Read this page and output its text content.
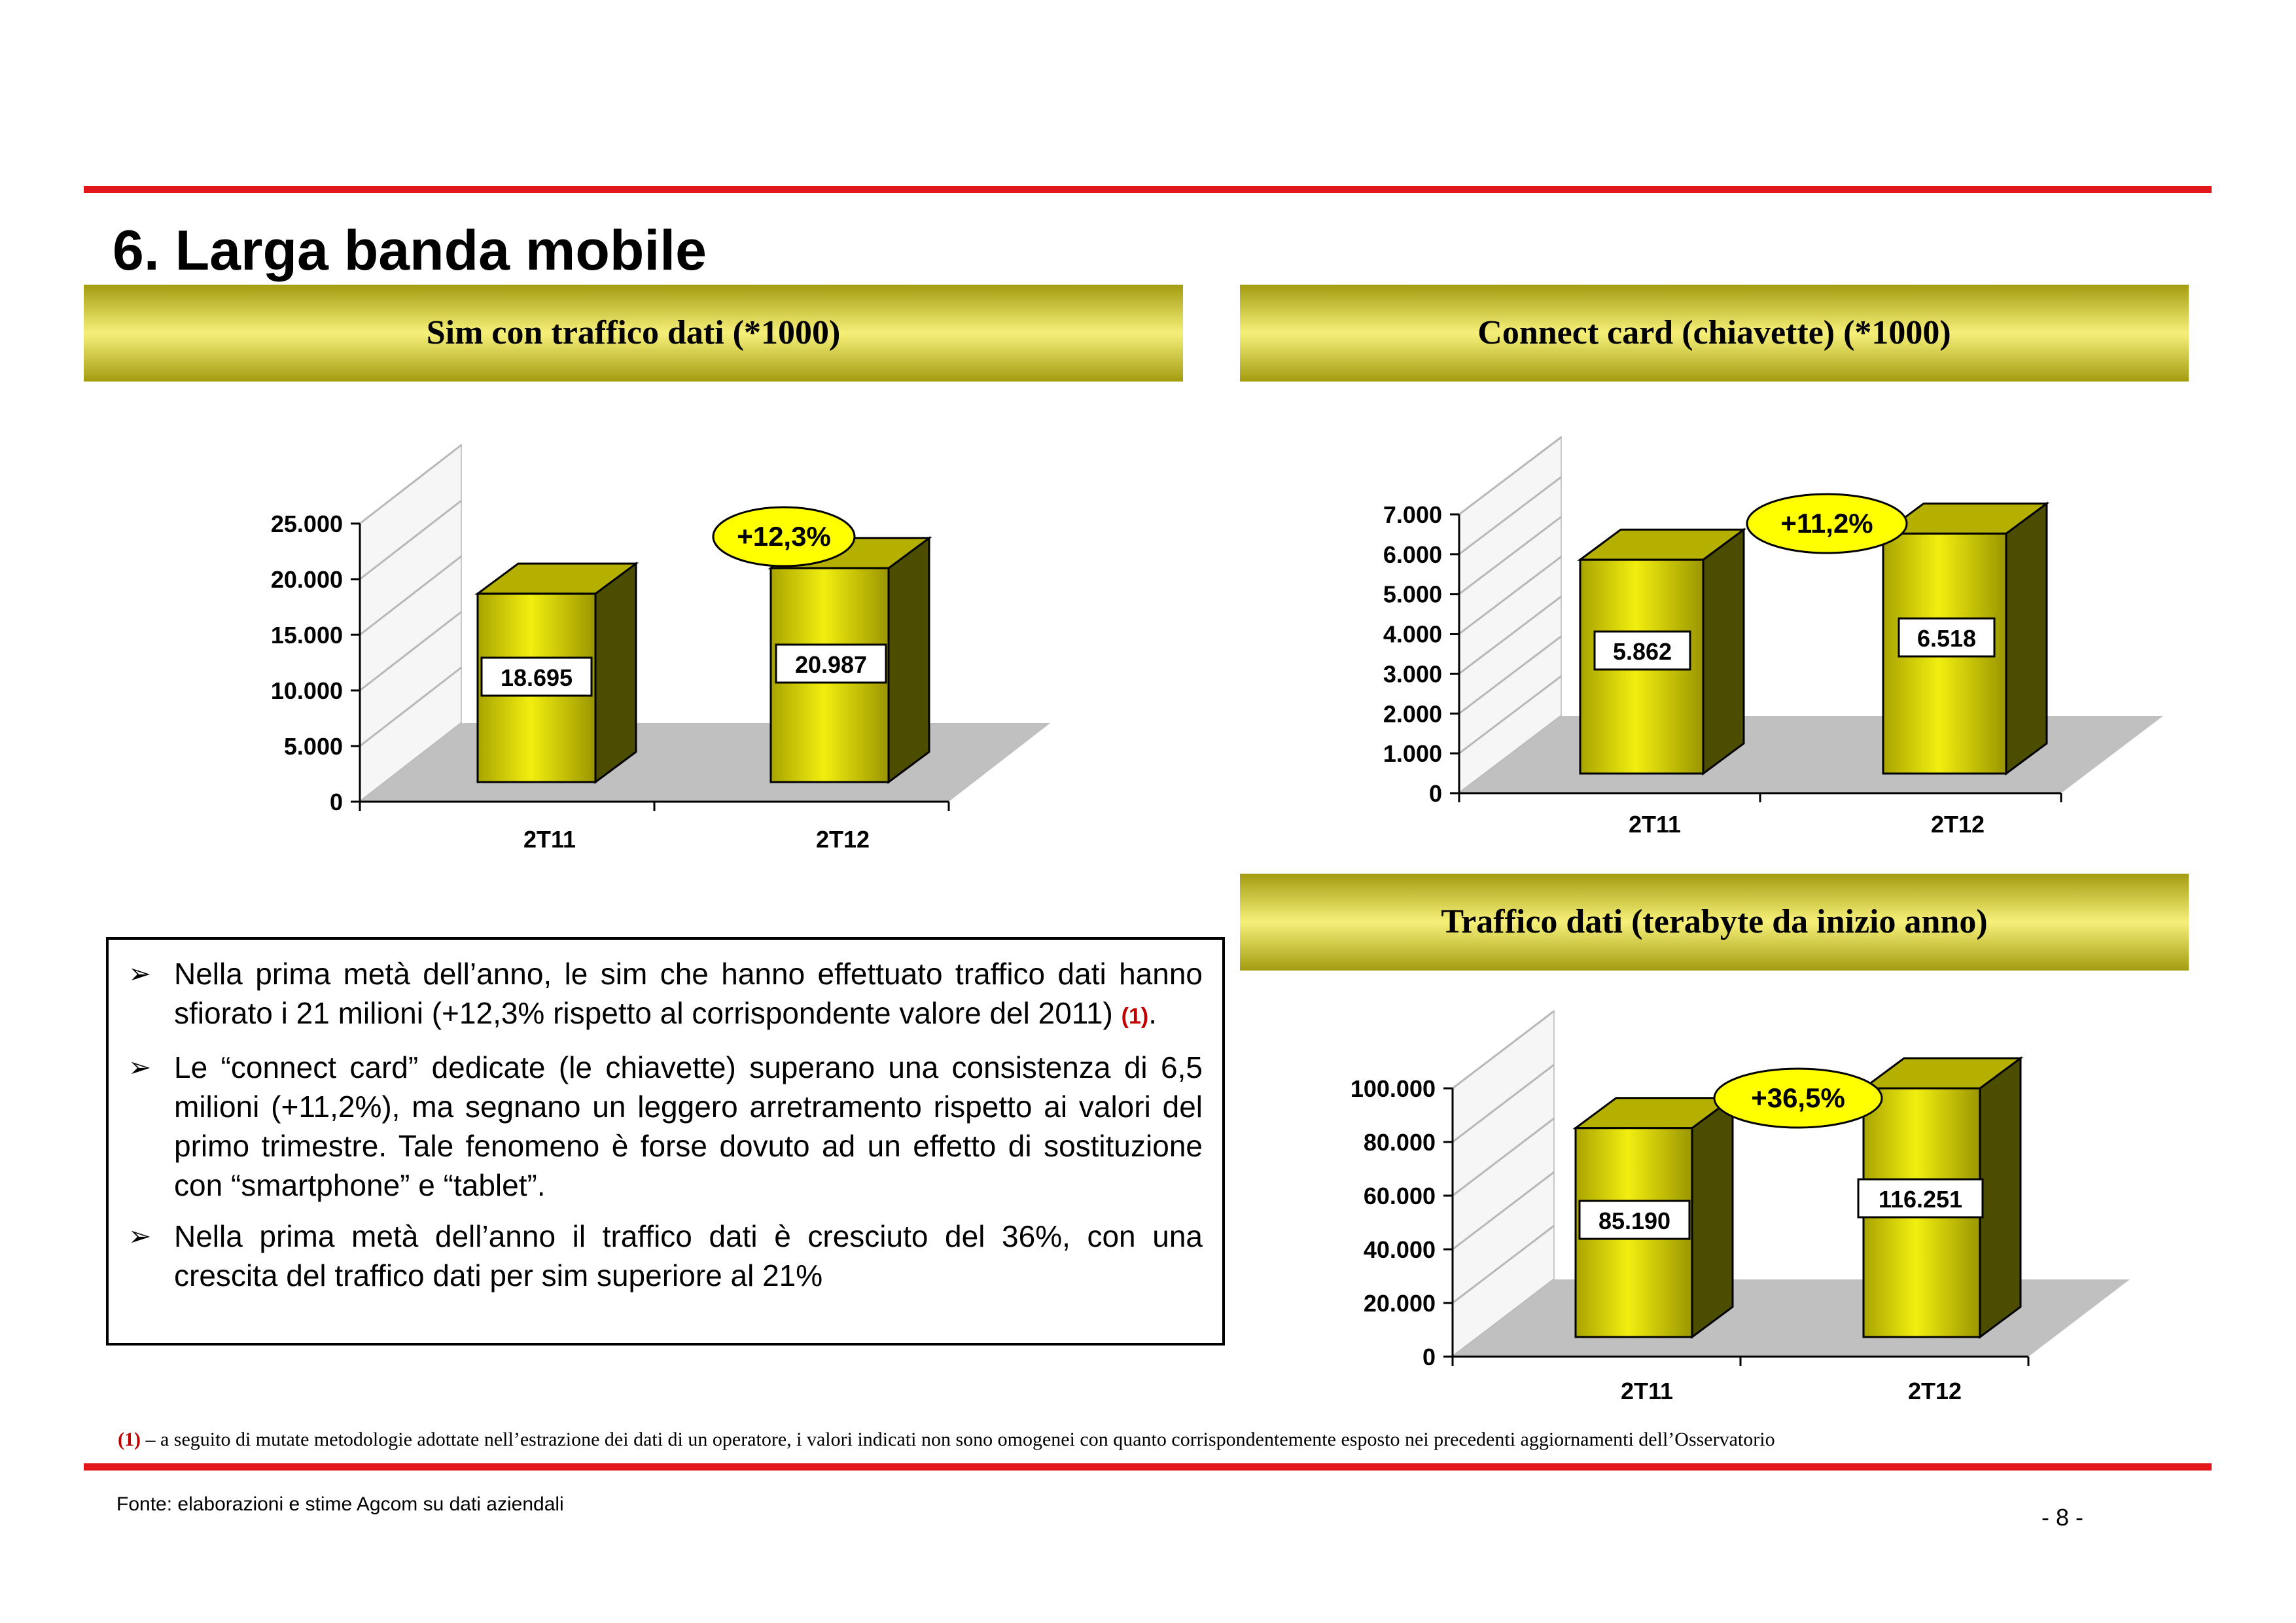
6. Larga banda mobile
Sim con traffico dati (*1000)	Connect card (chiavette) (*1000)
Traffico dati (terabyte da inizio anno)
0
5.000
10.000
15.000
20.000
25.000
18.695
2T11
20.987
2T12
+12,3%
0
1.000
2.000
3.000
4.000
5.000
6.000
7.000
5.862
2T11
6.518
2T12
+11,2%
0
20.000
40.000
60.000
80.000
100.000
85.190
2T11
116.251
2T12
+36,5%
➢ Nella prima metà dell’anno, le sim che hanno effettuato traffico dati hanno sfiorato i 21 milioni (+12,3% rispetto al corrispondente valore del 2011) (1).
➢ Le “connect card” dedicate (le chiavette) superano una consistenza di 6,5 milioni (+11,2%), ma segnano un leggero arretramento rispetto ai valori del primo trimestre. Tale fenomeno è forse dovuto ad un effetto di sostituzione con “smartphone” e “tablet”.
➢ Nella prima metà dell’anno il traffico dati è cresciuto del 36%, con una crescita del traffico dati per sim superiore al 21%
(1) – a seguito di mutate metodologie adottate nell’estrazione dei dati di un operatore, i valori indicati non sono omogenei con quanto corrispondentemente esposto nei precedenti aggiornamenti dell’Osservatorio
Fonte: elaborazioni e stime Agcom su dati aziendali	- 8 -
